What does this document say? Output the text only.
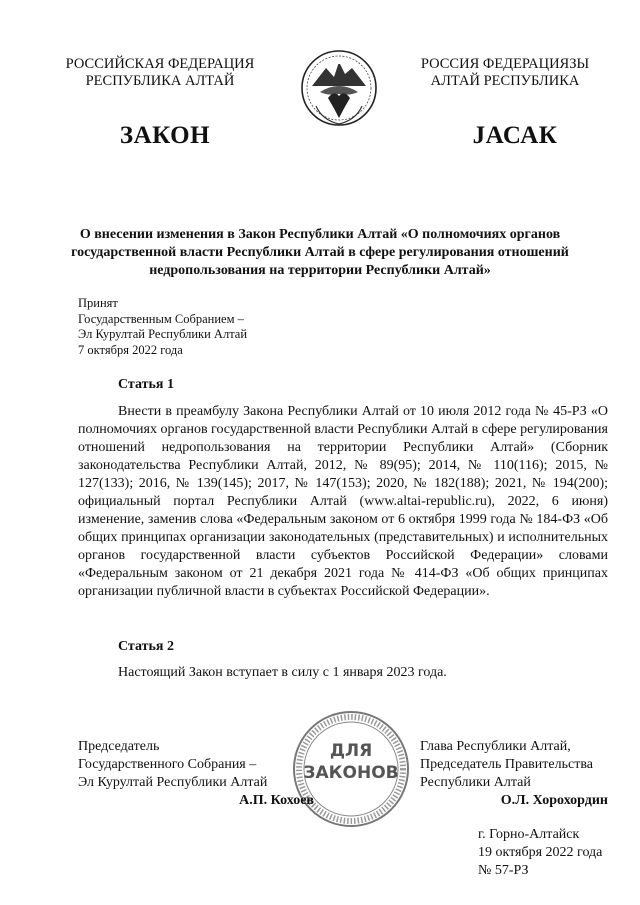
РОССИЙСКАЯ ФЕДЕРАЦИЯ
РЕСПУБЛИКА АЛТАЙ
РОССИЯ ФЕДЕРАЦИЯЗЫ
АЛТАЙ РЕСПУБЛИКА
ЗАКОН	ЈАСАК
О внесении изменения в Закон Республики Алтай «О полномочиях органов государственной власти Республики Алтай в сфере регулирования отношений недропользования на территории Республики Алтай»
Принят
Государственным Собранием –
Эл Курултай Республики Алтай
7 октября 2022 года
Статья 1
Внести в преамбулу Закона Республики Алтай от 10 июля 2012 года № 45-РЗ «О полномочиях органов государственной власти Республики Алтай в сфере регулирования отношений недропользования на территории Республики Алтай» (Сборник законодательства Республики Алтай, 2012, № 89(95); 2014, № 110(116); 2015, № 127(133); 2016, № 139(145); 2017, № 147(153); 2020, № 182(188); 2021, № 194(200); официальный портал Республики Алтай (www.altai-republic.ru), 2022, 6 июня) изменение, заменив слова «Федеральным законом от 6 октября 1999 года № 184-ФЗ «Об общих принципах организации законодательных (представительных) и исполнительных органов государственной власти субъектов Российской Федерации» словами «Федеральным законом от 21 декабря 2021 года № 414-ФЗ «Об общих принципах организации публичной власти в субъектах Российской Федерации».
Статья 2
Настоящий Закон вступает в силу с 1 января 2023 года.
ДЛЯ
ЗАКОНОВ
Председатель
Государственного Собрания –
Эл Курултай Республики Алтай
А.П. Кохоев
Глава Республики Алтай,
Председатель Правительства
Республики Алтай
О.Л. Хорохордин
г. Горно-Алтайск
19 октября 2022 года
№ 57-РЗ
